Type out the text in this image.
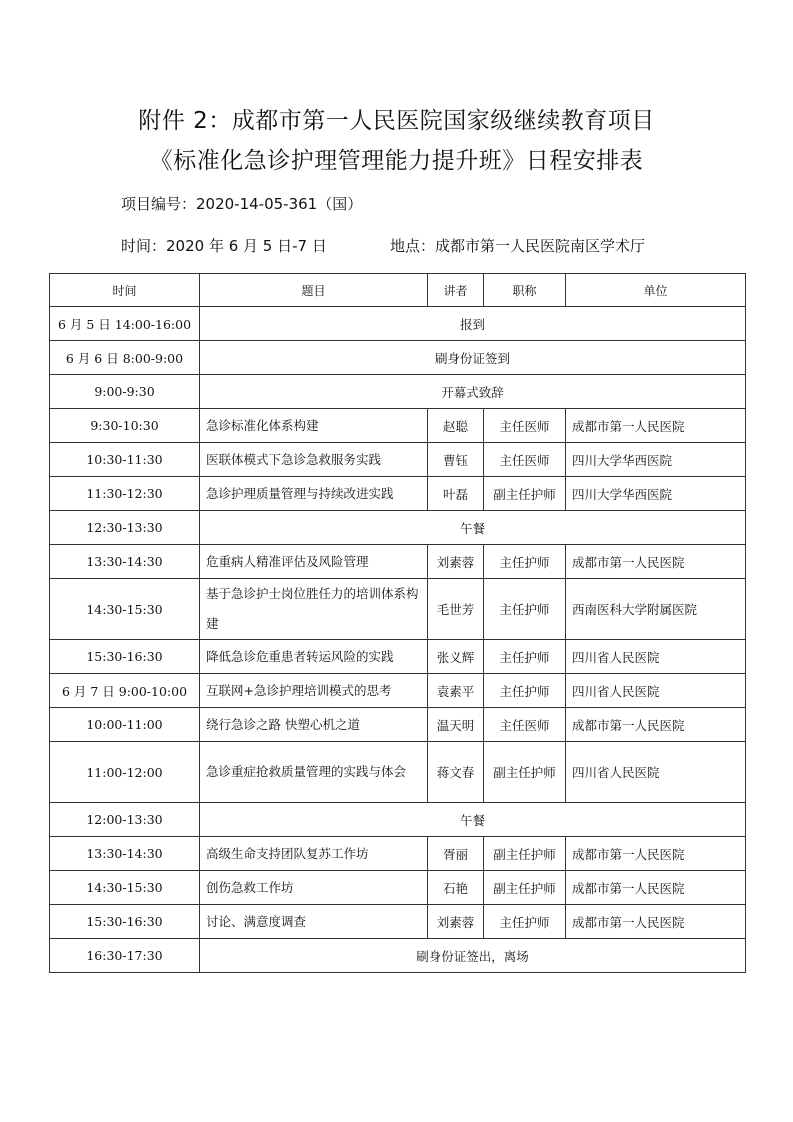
附件 2：成都市第一人民医院国家级继续教育项目
《标准化急诊护理管理能力提升班》日程安排表
项目编号：2020-14-05-361（国）
时间：2020 年 6 月 5 日-7 日	地点：成都市第一人民医院南区学术厅
时间	题目	讲者	职称	单位
6 月 5 日 14:00-16:00	报到			
6 月 6 日 8:00-9:00	刷身份证签到			
9:00-9:30	开幕式致辞			
9:30-10:30	急诊标准化体系构建	赵聪	主任医师	成都市第一人民医院
10:30-11:30	医联体模式下急诊急救服务实践	曹钰	主任医师	四川大学华西医院
11:30-12:30	急诊护理质量管理与持续改进实践	叶磊	副主任护师	四川大学华西医院
12:30-13:30	午餐			
13:30-14:30	危重病人精准评估及风险管理	刘素蓉	主任护师	成都市第一人民医院
14:30-15:30	基于急诊护士岗位胜任力的培训体系构建	毛世芳	主任护师	西南医科大学附属医院
15:30-16:30	降低急诊危重患者转运风险的实践	张义辉	主任护师	四川省人民医院
6 月 7 日 9:00-10:00	互联网+急诊护理培训模式的思考	袁素平	主任护师	四川省人民医院
10:00-11:00	绕行急诊之路 快塑心机之道	温天明	主任医师	成都市第一人民医院
11:00-12:00	急诊重症抢救质量管理的实践与体会	蒋文春	副主任护师	四川省人民医院
12:00-13:30	午餐			
13:30-14:30	高级生命支持团队复苏工作坊	胥丽	副主任护师	成都市第一人民医院
14:30-15:30	创伤急救工作坊	石艳	副主任护师	成都市第一人民医院
15:30-16:30	讨论、满意度调查	刘素蓉	主任护师	成都市第一人民医院
16:30-17:30	刷身份证签出，离场			
